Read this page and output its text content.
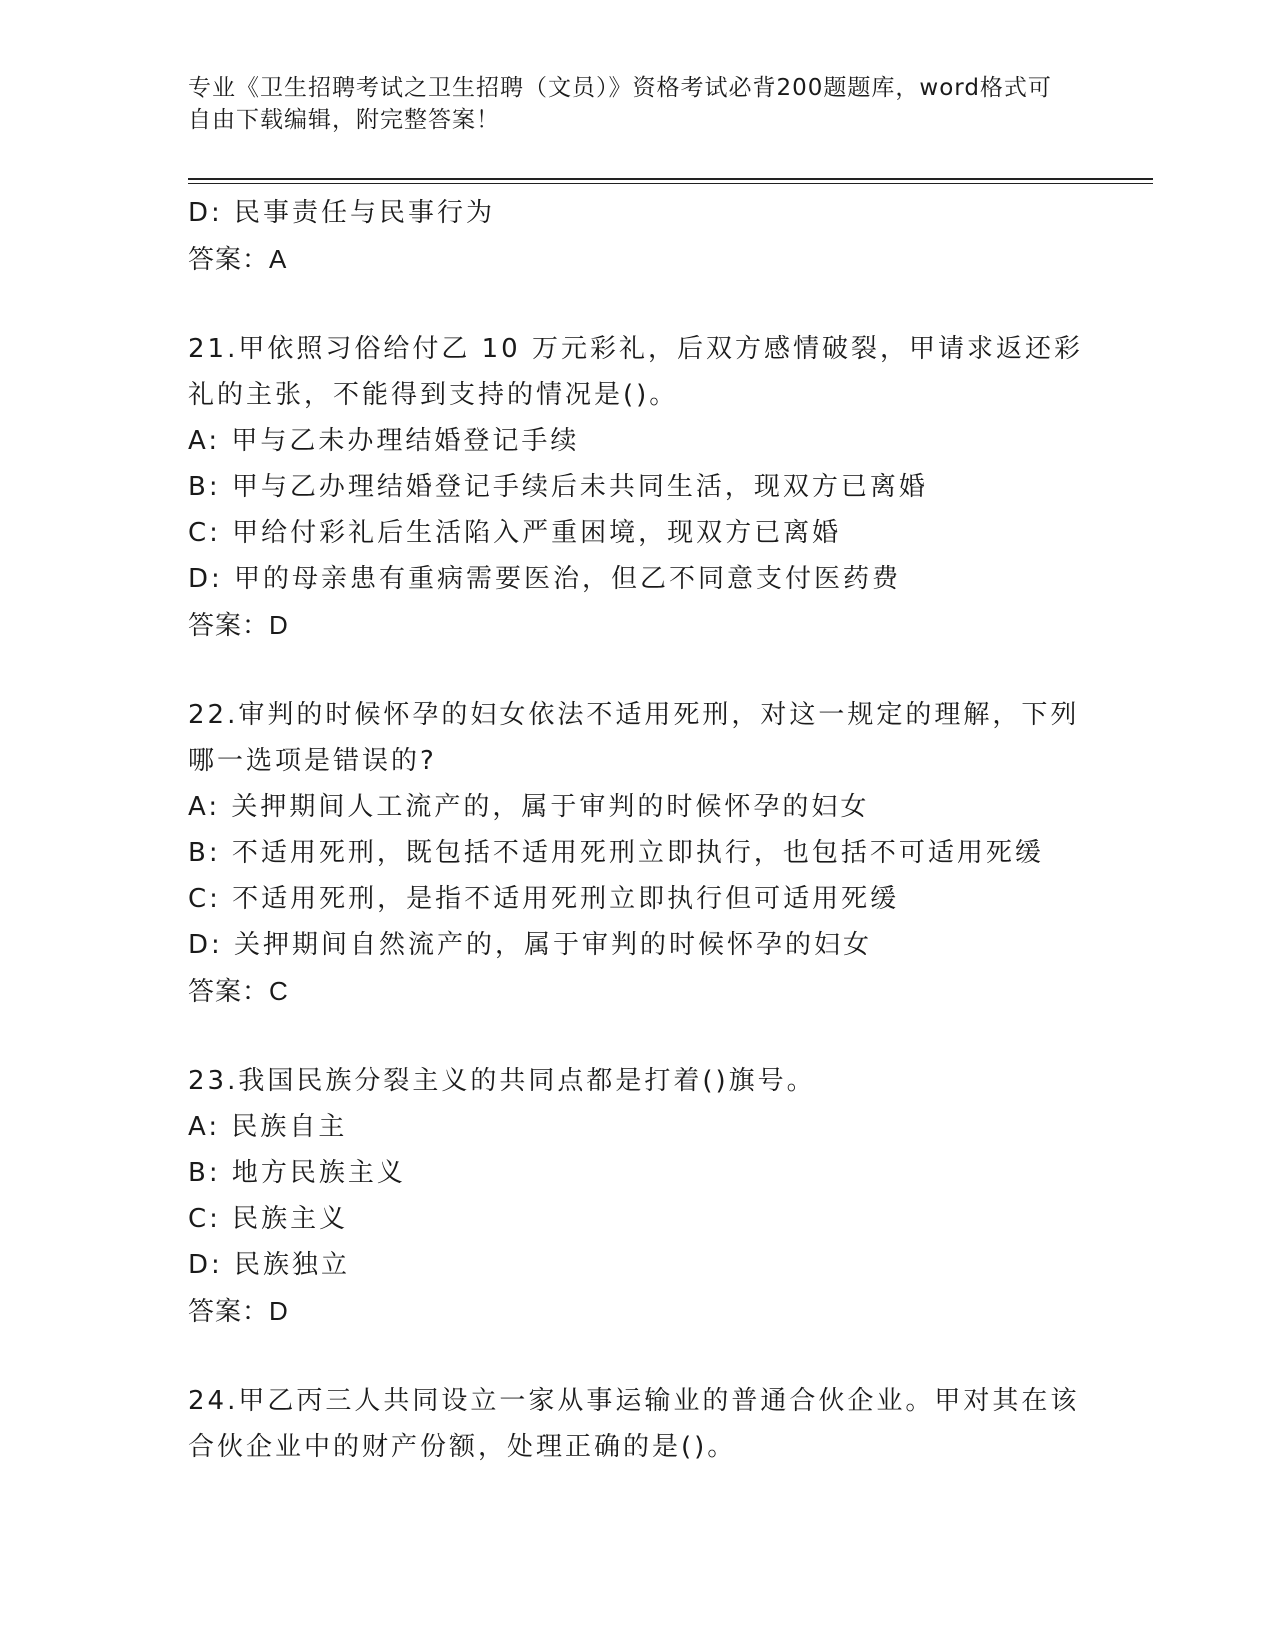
专业《卫生招聘考试之卫生招聘（文员）》资格考试必背200题题库，word格式可自由下载编辑，附完整答案！
D: 民事责任与民事行为
答案：A
21.甲依照习俗给付乙 10 万元彩礼，后双方感情破裂，甲请求返还彩
礼的主张，不能得到支持的情况是()。
A: 甲与乙未办理结婚登记手续
B: 甲与乙办理结婚登记手续后未共同生活，现双方已离婚
C: 甲给付彩礼后生活陷入严重困境，现双方已离婚
D: 甲的母亲患有重病需要医治，但乙不同意支付医药费
答案：D
22.审判的时候怀孕的妇女依法不适用死刑，对这一规定的理解，下列
哪一选项是错误的?
A: 关押期间人工流产的，属于审判的时候怀孕的妇女
B: 不适用死刑，既包括不适用死刑立即执行，也包括不可适用死缓
C: 不适用死刑，是指不适用死刑立即执行但可适用死缓
D: 关押期间自然流产的，属于审判的时候怀孕的妇女
答案：C
23.我国民族分裂主义的共同点都是打着()旗号。
A: 民族自主
B: 地方民族主义
C: 民族主义
D: 民族独立
答案：D
24.甲乙丙三人共同设立一家从事运输业的普通合伙企业。甲对其在该
合伙企业中的财产份额，处理正确的是()。
